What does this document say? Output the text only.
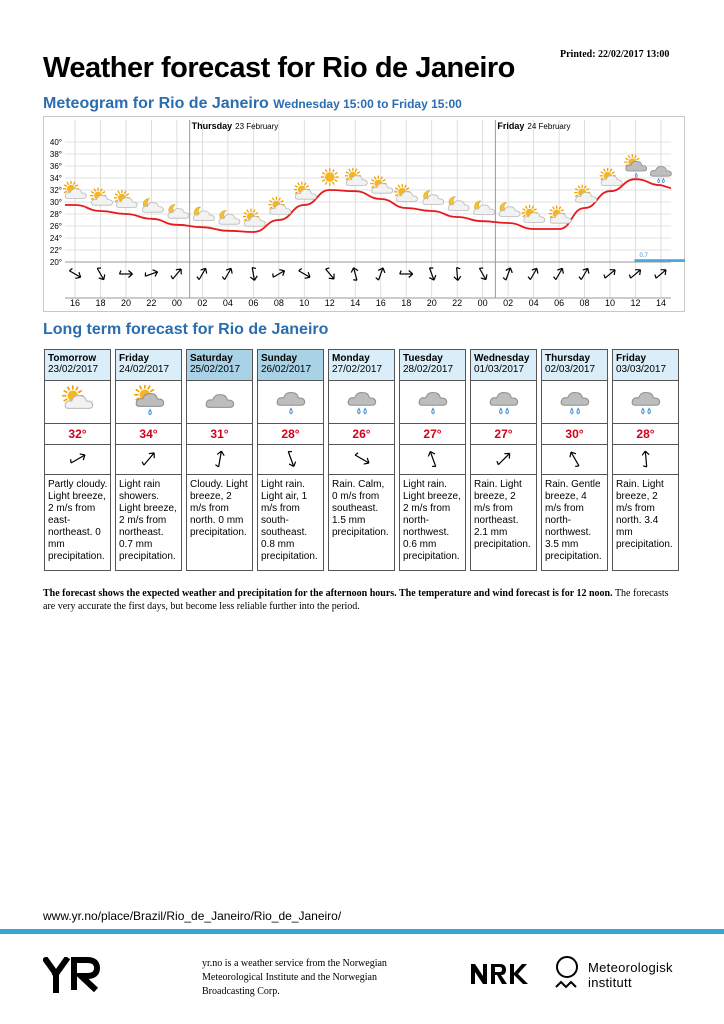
Printed: 22/02/2017 13:00
Weather forecast for Rio de Janeiro
Meteogram for Rio de Janeiro Wednesday 15:00 to Friday 15:00
20°
22°
24°
26°
28°
30°
32°
34°
36°
38°
40°
16 18 20 22 00 02 04 06 08 10 12 14 16 18 20 22 00 02 04 06 08 10 12 14
Thursday 23 February	Friday 24 February
0.7
Long term forecast for Rio de Janeiro
Tomorrow
23/02/2017
32°
Partly cloudy. Light breeze, 2 m/s from east-northeast. 0 mm precipitation.
Friday
24/02/2017
34°
Light rain showers. Light breeze, 2 m/s from northeast. 0.7 mm precipitation.
Saturday
25/02/2017
31°
Cloudy. Light breeze, 2 m/s from north. 0 mm precipitation.
Sunday
26/02/2017
28°
Light rain. Light air, 1 m/s from south-southeast. 0.8 mm precipitation.
Monday
27/02/2017
26°
Rain. Calm, 0 m/s from southeast. 1.5 mm precipitation.
Tuesday
28/02/2017
27°
Light rain. Light breeze, 2 m/s from north-northwest. 0.6 mm precipitation.
Wednesday
01/03/2017
27°
Rain. Light breeze, 2 m/s from northeast. 2.1 mm precipitation.
Thursday
02/03/2017
30°
Rain. Gentle breeze, 4 m/s from north-northwest. 3.5 mm precipitation.
Friday
03/03/2017
28°
Rain. Light breeze, 2 m/s from north. 3.4 mm precipitation.
The forecast shows the expected weather and precipitation for the afternoon hours. The temperature and wind forecast is for 12 noon. The forecasts are very accurate the first days, but become less reliable further into the period.
www.yr.no/place/Brazil/Rio_de_Janeiro/Rio_de_Janeiro/
yr.no is a weather service from the Norwegian Meteorological Institute and the Norwegian Broadcasting Corp.
Meteorologisk
institutt
